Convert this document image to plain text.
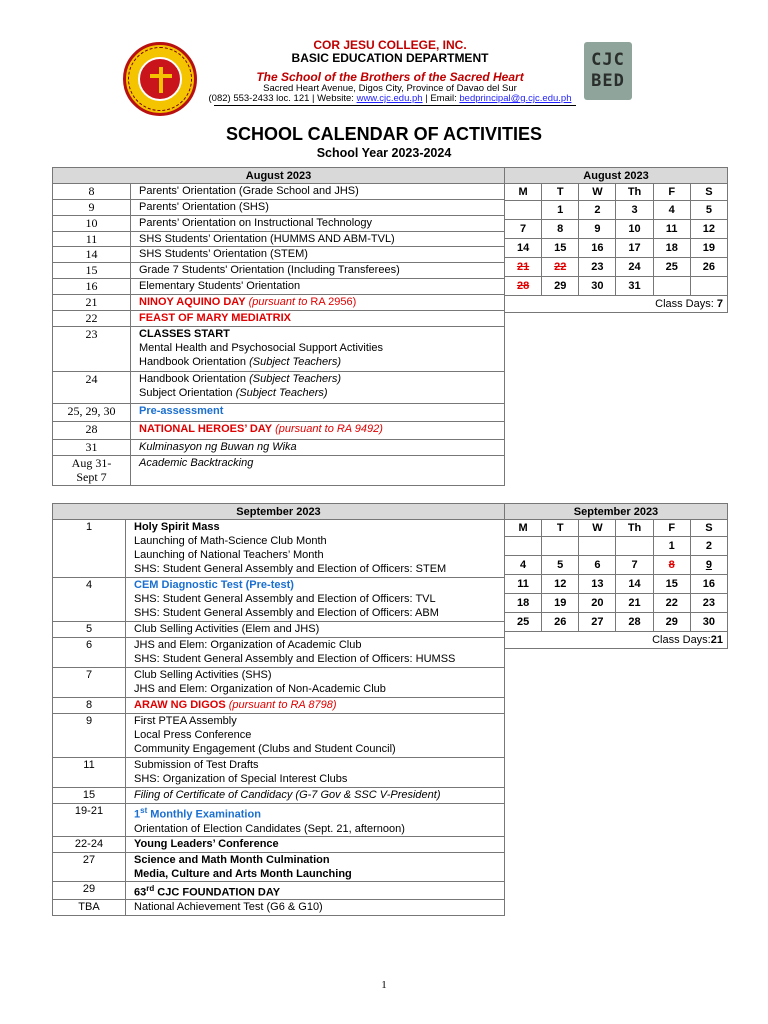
COR JESU COLLEGE, INC.
BASIC EDUCATION DEPARTMENT
The School of the Brothers of the Sacred Heart
Sacred Heart Avenue, Digos City, Province of Davao del Sur
(082) 553-2433 loc. 121 | Website: www.cjc.edu.ph | Email: bedprincipal@g.cjc.edu.ph
CJC
BED
SCHOOL CALENDAR OF ACTIVITIES
School Year 2023-2024
August 2023	
8	Parents' Orientation (Grade School and JHS)

9	Parents' Orientation (SHS)

10	Parents’ Orientation on Instructional Technology

11	SHS Students’ Orientation (HUMMS AND ABM-TVL)

14	SHS Students’ Orientation (STEM)

15	Grade 7 Students' Orientation (Including Transferees)

16	Elementary Students' Orientation

21	NINOY AQUINO DAY (pursuant to RA 2956)

22	FEAST OF MARY MEDIATRIX

23	CLASSES START
Mental Health and Psychosocial Support Activities
Handbook Orientation (Subject Teachers)

24	Handbook Orientation (Subject Teachers)
Subject Orientation (Subject Teachers)

25, 29, 30	Pre-assessment

28	NATIONAL HEROES’ DAY (pursuant to RA 9492)

31	Kulminasyon ng Buwan ng Wika

Aug 31-
Sept 7	Academic Backtracking
August 2023					
M	T	W	Th	F	S
	1	2	3	4	5
7	8	9	10	11	12
14	15	16	17	18	19
21	22	23	24	25	26
28	29	30	31		
Class Days: 7					
September 2023	
1	Holy Spirit Mass
Launching of Math-Science Club Month
Launching of National Teachers’ Month
SHS: Student General Assembly and Election of Officers: STEM

4	CEM Diagnostic Test (Pre-test)
SHS: Student General Assembly and Election of Officers: TVL
SHS: Student General Assembly and Election of Officers: ABM

5	Club Selling Activities (Elem and JHS)

6	JHS and Elem: Organization of Academic Club
SHS: Student General Assembly and Election of Officers: HUMSS

7	Club Selling Activities (SHS)
JHS and Elem: Organization of Non-Academic Club

8	ARAW NG DIGOS (pursuant to RA 8798)

9	First PTEA Assembly
Local Press Conference
Community Engagement (Clubs and Student Council)

11	Submission of Test Drafts
SHS: Organization of Special Interest Clubs

15	Filing of Certificate of Candidacy (G-7 Gov & SSC V-President)

19-21	1st Monthly Examination
Orientation of Election Candidates (Sept. 21, afternoon)

22-24	Young Leaders’ Conference

27	Science and Math Month Culmination
Media, Culture and Arts Month Launching

29	63rd CJC FOUNDATION DAY

TBA	National Achievement Test (G6 & G10)
September 2023					
M	T	W	Th	F	S
				1	2
4	5	6	7	8	9
11	12	13	14	15	16
18	19	20	21	22	23
25	26	27	28	29	30
Class Days:21					
1
